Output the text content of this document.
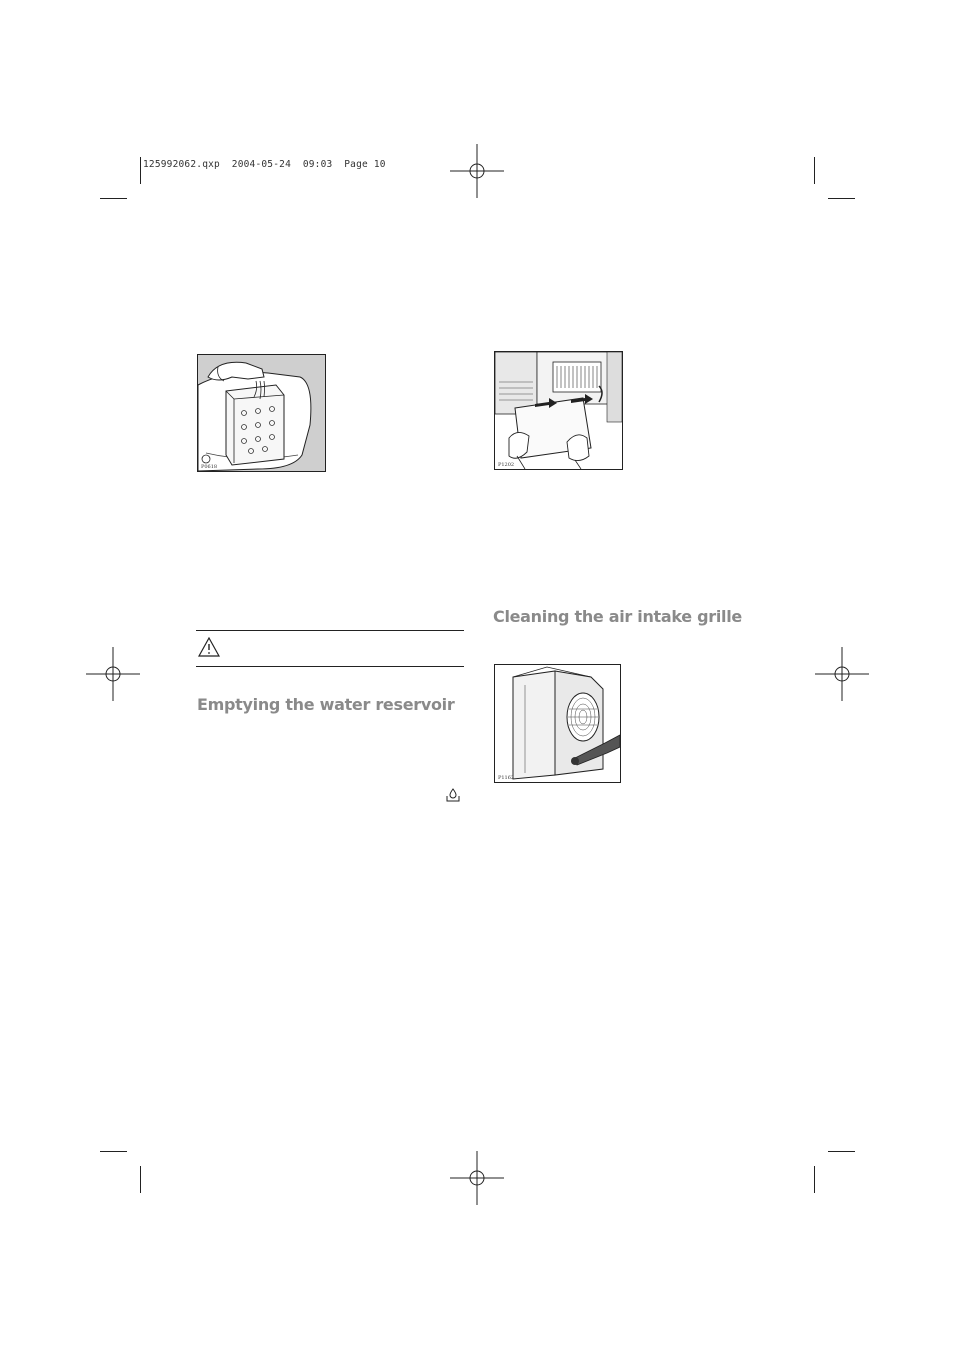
125992062.qxp  2004-05-24  09:03  Page 10
P0618	P1202
Emptying the water reservoir
Cleaning the air intake grille
P1162
